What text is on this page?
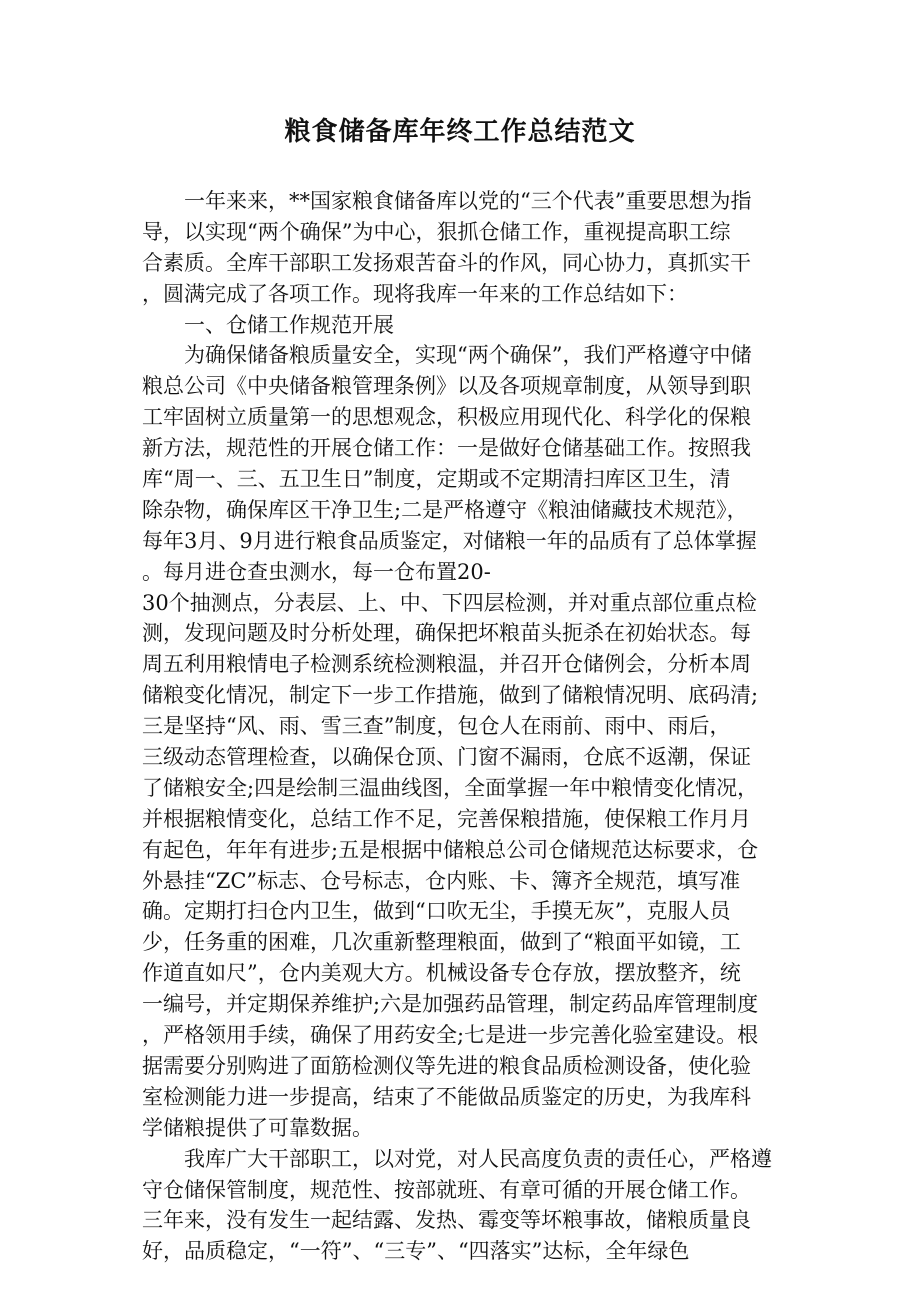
粮食储备库年终工作总结范文
　　一年来来，**国家粮食储备库以党的“三个代表”重要思想为指
导，以实现“两个确保”为中心，狠抓仓储工作，重视提高职工综
合素质。全库干部职工发扬艰苦奋斗的作风，同心协力，真抓实干
，圆满完成了各项工作。现将我库一年来的工作总结如下：
　　一、仓储工作规范开展
　　为确保储备粮质量安全，实现“两个确保”，我们严格遵守中储
粮总公司《中央储备粮管理条例》以及各项规章制度，从领导到职
工牢固树立质量第一的思想观念，积极应用现代化、科学化的保粮
新方法，规范性的开展仓储工作：一是做好仓储基础工作。按照我
库“周一、三、五卫生日”制度，定期或不定期清扫库区卫生，清
除杂物，确保库区干净卫生;二是严格遵守《粮油储藏技术规范》，
每年3月、9月进行粮食品质鉴定，对储粮一年的品质有了总体掌握
。每月进仓查虫测水，每一仓布置20-
30个抽测点，分表层、上、中、下四层检测，并对重点部位重点检
测，发现问题及时分析处理，确保把坏粮苗头扼杀在初始状态。每
周五利用粮情电子检测系统检测粮温，并召开仓储例会，分析本周
储粮变化情况，制定下一步工作措施，做到了储粮情况明、底码清;
三是坚持“风、雨、雪三查”制度，包仓人在雨前、雨中、雨后，
三级动态管理检查，以确保仓顶、门窗不漏雨，仓底不返潮，保证
了储粮安全;四是绘制三温曲线图，全面掌握一年中粮情变化情况，
并根据粮情变化，总结工作不足，完善保粮措施，使保粮工作月月
有起色，年年有进步;五是根据中储粮总公司仓储规范达标要求，仓
外悬挂“ZC”标志、仓号标志，仓内账、卡、簿齐全规范，填写准
确。定期打扫仓内卫生，做到“口吹无尘，手摸无灰”，克服人员
少，任务重的困难，几次重新整理粮面，做到了“粮面平如镜，工
作道直如尺”，仓内美观大方。机械设备专仓存放，摆放整齐，统
一编号，并定期保养维护;六是加强药品管理，制定药品库管理制度
，严格领用手续，确保了用药安全;七是进一步完善化验室建设。根
据需要分别购进了面筋检测仪等先进的粮食品质检测设备，使化验
室检测能力进一步提高，结束了不能做品质鉴定的历史，为我库科
学储粮提供了可靠数据。
　　我库广大干部职工，以对党，对人民高度负责的责任心，严格遵
守仓储保管制度，规范性、按部就班、有章可循的开展仓储工作。
三年来，没有发生一起结露、发热、霉变等坏粮事故，储粮质量良
好，品质稳定，“一符”、“三专”、“四落实”达标，全年绿色
